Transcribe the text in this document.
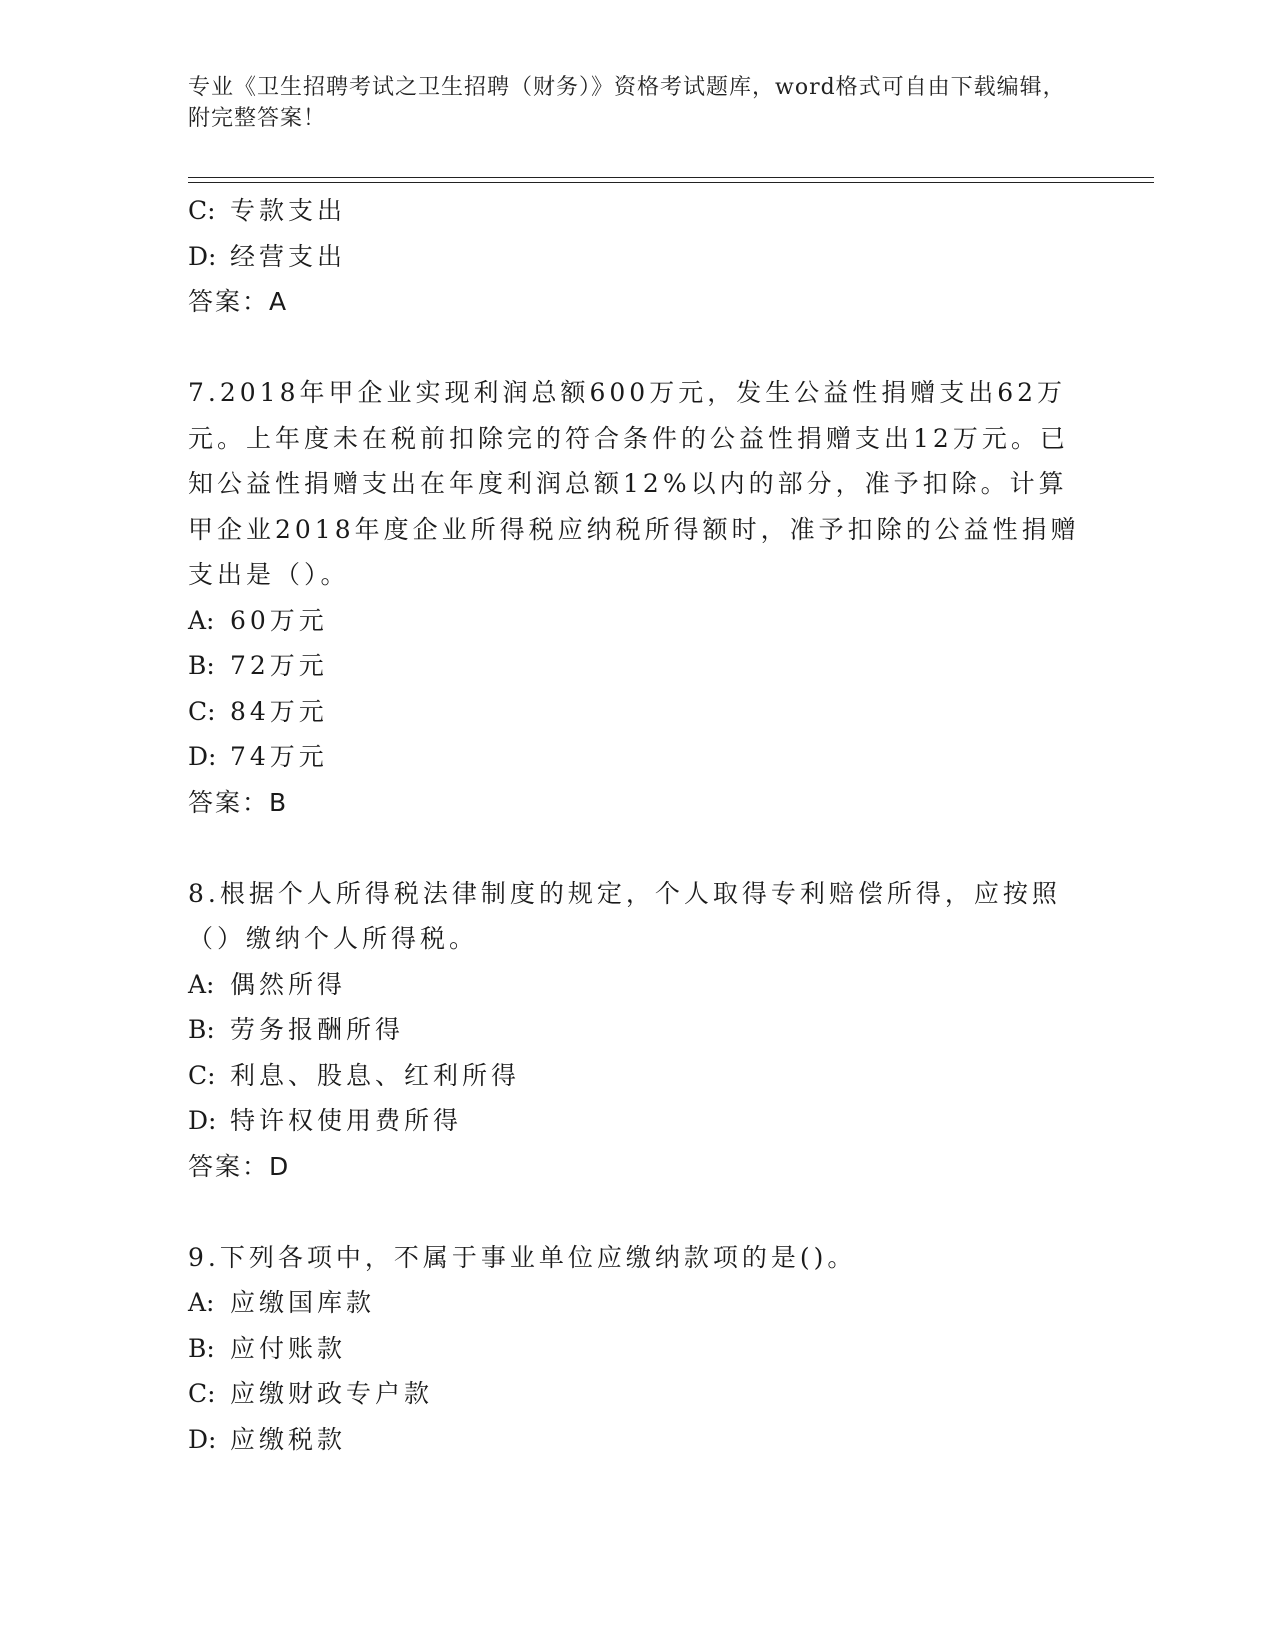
专业《卫生招聘考试之卫生招聘（财务）》资格考试题库，word格式可自由下载编辑，附完整答案！
C: 专款支出
D: 经营支出
答案：A
7.2018年甲企业实现利润总额600万元，发生公益性捐赠支出62万元。上年度未在税前扣除完的符合条件的公益性捐赠支出12万元。已知公益性捐赠支出在年度利润总额12%以内的部分，准予扣除。计算甲企业2018年度企业所得税应纳税所得额时，准予扣除的公益性捐赠支出是（）。
A: 60万元
B: 72万元
C: 84万元
D: 74万元
答案：B
8.根据个人所得税法律制度的规定，个人取得专利赔偿所得，应按照（）缴纳个人所得税。
A: 偶然所得
B: 劳务报酬所得
C: 利息、股息、红利所得
D: 特许权使用费所得
答案：D
9.下列各项中，不属于事业单位应缴纳款项的是()。
A: 应缴国库款
B: 应付账款
C: 应缴财政专户款
D: 应缴税款
